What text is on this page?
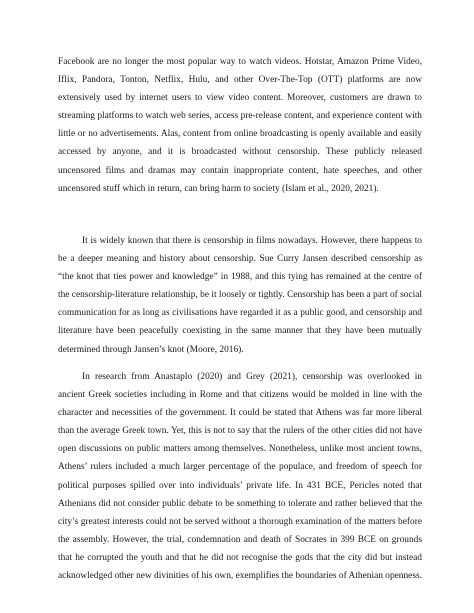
Facebook are no longer the most popular way to watch videos. Hotstar, Amazon Prime Video,
Iflix, Pandora, Tonton, Netflix, Hulu, and other Over-The-Top (OTT) platforms are now
extensively used by internet users to view video content. Moreover, customers are drawn to
streaming platforms to watch web series, access pre-release content, and experience content with
little or no advertisements. Alas, content from online broadcasting is openly available and easily
accessed by anyone, and it is broadcasted without censorship. These publicly released
uncensored films and dramas may contain inappropriate content, hate speeches, and other
uncensored stuff which in return, can bring harm to society (Islam et al., 2020, 2021).
It is widely known that there is censorship in films nowadays. However, there happens to
be a deeper meaning and history about censorship. Sue Curry Jansen described censorship as
“the knot that ties power and knowledge” in 1988, and this tying has remained at the centre of
the censorship-literature relationship, be it loosely or tightly. Censorship has been a part of social
communication for as long as civilisations have regarded it as a public good, and censorship and
literature have been peacefully coexisting in the same manner that they have been mutually
determined through Jansen’s knot (Moore, 2016).
In research from Anastaplo (2020) and Grey (2021), censorship was overlooked in
ancient Greek societies including in Rome and that citizens would be molded in line with the
character and necessities of the government. It could be stated that Athens was far more liberal
than the average Greek town. Yet, this is not to say that the rulers of the other cities did not have
open discussions on public matters among themselves. Nonetheless, unlike most ancient towns,
Athens’ rulers included a much larger percentage of the populace, and freedom of speech for
political purposes spilled over into individuals’ private life. In 431 BCE, Pericles noted that
Athenians did not consider public debate to be something to tolerate and rather believed that the
city’s greatest interests could not be served without a thorough examination of the matters before
the assembly. However, the trial, condemnation and death of Socrates in 399 BCE on grounds
that he corrupted the youth and that he did not recognise the gods that the city did but instead
acknowledged other new divinities of his own, exemplifies the boundaries of Athenian openness.
